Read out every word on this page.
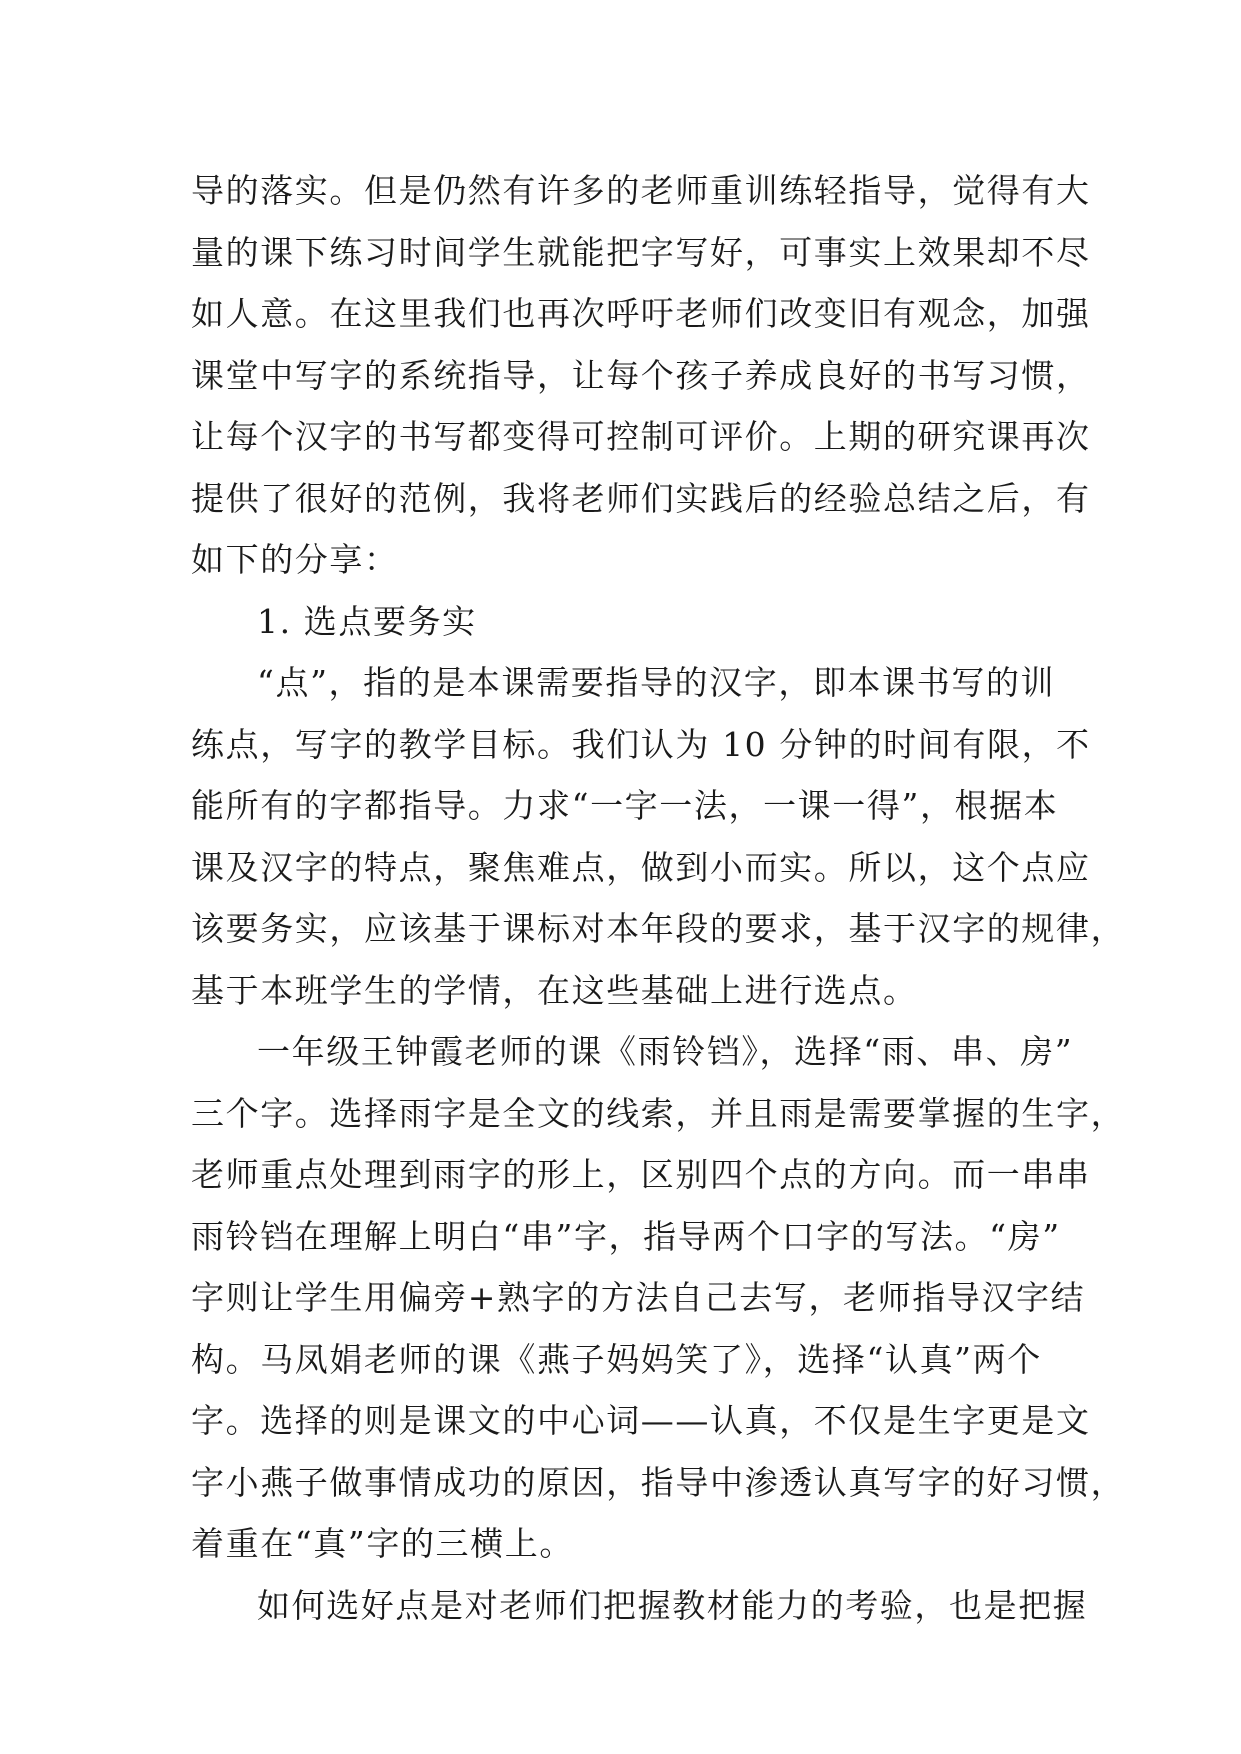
导的落实。但是仍然有许多的老师重训练轻指导，觉得有大
量的课下练习时间学生就能把字写好，可事实上效果却不尽
如人意。在这里我们也再次呼吁老师们改变旧有观念，加强
课堂中写字的系统指导，让每个孩子养成良好的书写习惯，
让每个汉字的书写都变得可控制可评价。上期的研究课再次
提供了很好的范例，我将老师们实践后的经验总结之后，有
如下的分享：
1. 选点要务实
“点”，指的是本课需要指导的汉字，即本课书写的训
练点，写字的教学目标。我们认为 10 分钟的时间有限，不
能所有的字都指导。力求“一字一法，一课一得”，根据本
课及汉字的特点，聚焦难点，做到小而实。所以，这个点应
该要务实，应该基于课标对本年段的要求，基于汉字的规律，
基于本班学生的学情，在这些基础上进行选点。
一年级王钟霞老师的课《雨铃铛》，选择“雨、串、房”
三个字。选择雨字是全文的线索，并且雨是需要掌握的生字，
老师重点处理到雨字的形上，区别四个点的方向。而一串串
雨铃铛在理解上明白“串”字，指导两个口字的写法。“房”
字则让学生用偏旁+熟字的方法自己去写，老师指导汉字结
构。马凤娟老师的课《燕子妈妈笑了》，选择“认真”两个
字。选择的则是课文的中心词——认真，不仅是生字更是文
字小燕子做事情成功的原因，指导中渗透认真写字的好习惯，
着重在“真”字的三横上。
如何选好点是对老师们把握教材能力的考验，也是把握
